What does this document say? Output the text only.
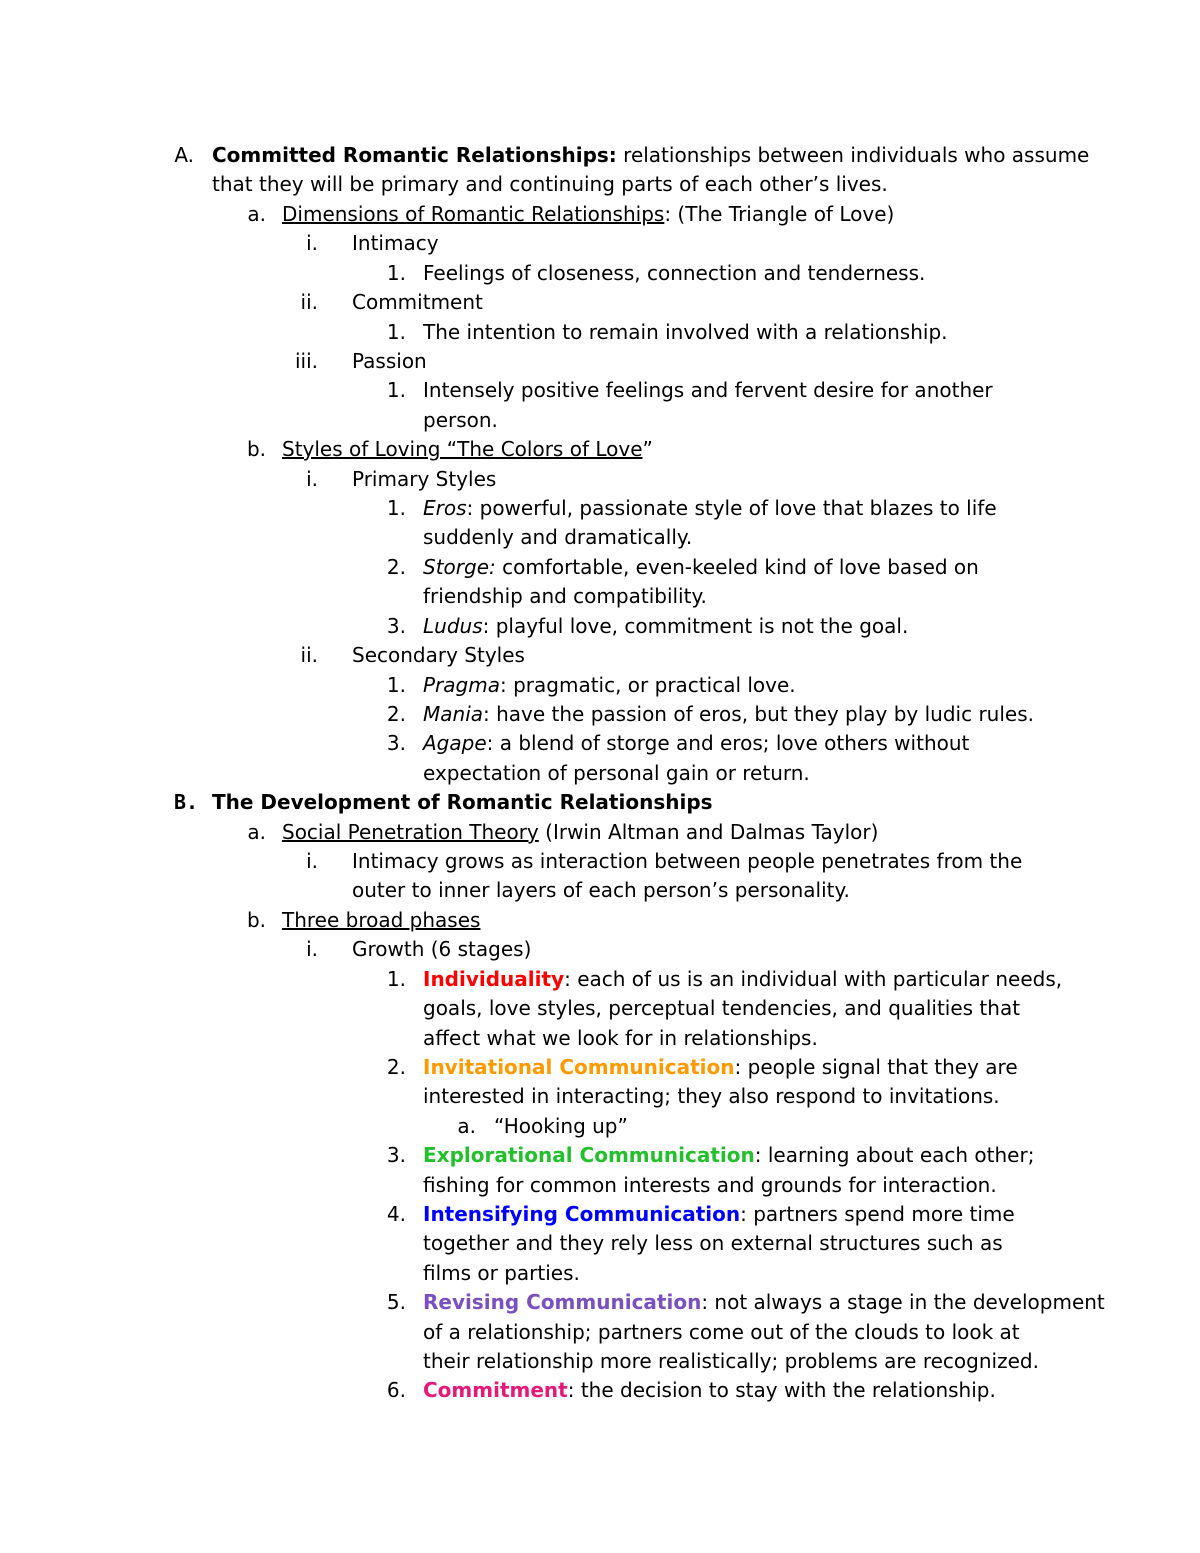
A. Committed Romantic Relationships: relationships between individuals who assume
that they will be primary and continuing parts of each other’s lives.
a. Dimensions of Romantic Relationships: (The Triangle of Love)
i. Intimacy
1. Feelings of closeness, connection and tenderness.
ii. Commitment
1. The intention to remain involved with a relationship.
iii. Passion
1. Intensely positive feelings and fervent desire for another
person.
b. Styles of Loving “The Colors of Love”
i. Primary Styles
1. Eros: powerful, passionate style of love that blazes to life
suddenly and dramatically.
2. Storge: comfortable, even-keeled kind of love based on
friendship and compatibility.
3. Ludus: playful love, commitment is not the goal.
ii. Secondary Styles
1. Pragma: pragmatic, or practical love.
2. Mania: have the passion of eros, but they play by ludic rules.
3. Agape: a blend of storge and eros; love others without
expectation of personal gain or return.
B. The Development of Romantic Relationships
a. Social Penetration Theory (Irwin Altman and Dalmas Taylor)
i. Intimacy grows as interaction between people penetrates from the
outer to inner layers of each person’s personality.
b. Three broad phases
i. Growth (6 stages)
1. Individuality: each of us is an individual with particular needs,
goals, love styles, perceptual tendencies, and qualities that
affect what we look for in relationships.
2. Invitational Communication: people signal that they are
interested in interacting; they also respond to invitations.
a. “Hooking up”
3. Explorational Communication: learning about each other;
fishing for common interests and grounds for interaction.
4. Intensifying Communication: partners spend more time
together and they rely less on external structures such as
films or parties.
5. Revising Communication: not always a stage in the development
of a relationship; partners come out of the clouds to look at
their relationship more realistically; problems are recognized.
6. Commitment: the decision to stay with the relationship.
